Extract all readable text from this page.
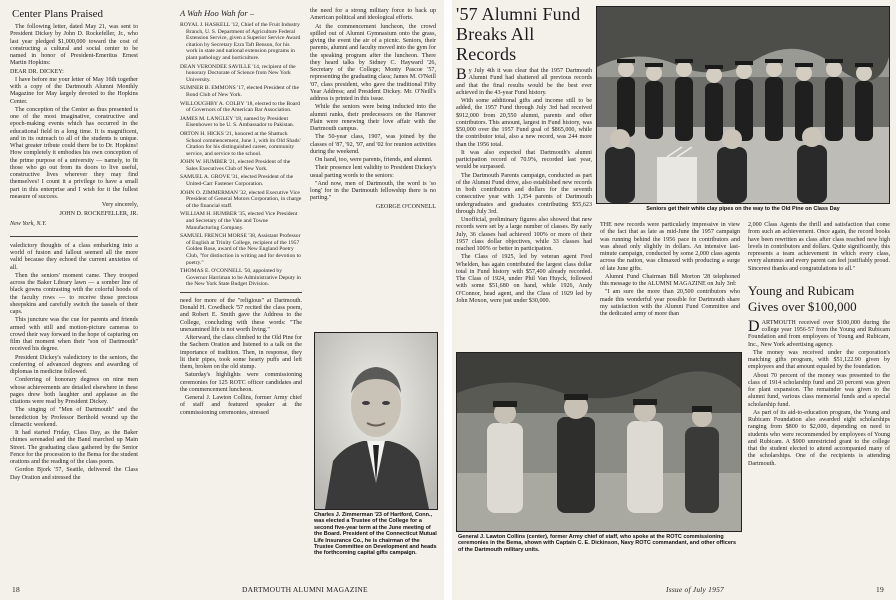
Center Plans Praised

The following letter, dated May 21, was sent to President Dickey by John D. Rockefeller, Jr., who last year pledged $1,000,000 toward the cost of constructing a cultural and social center to be named in honor of President-Emeritus Ernest Martin Hopkins:

DEAR DR. DICKEY:

I have before me your letter of May 16th together with a copy of the Dartmouth Alumni Monthly Magazine for May largely devoted to the Hopkins Center.

The conception of the Center as thus presented is one of the most imaginative, constructive and epoch-making events which has occurred in the educational field in a long time. It is magnificent, and in its outreach to all of the students is unique. What greater tribute could there be to Dr. Hopkins! How completely it embodies his own conception of the prime purpose of a university — namely, to fit those who go out from its doors to live useful, constructive lives wherever they may find themselves! I count it a privilege to have a small part in this enterprise and I wish for it the fullest measure of success.

Very sincerely,

JOHN D. ROCKEFELLER, JR.

New York, N.Y.

valedictory thoughts of a class embarking into a world of fusion and fallout seemed all the more valid because they echoed the current anxieties of all.

Then the seniors' moment came. They trooped across the Baker Library lawn — a somber line of black gowns contrasting with the colorful hoods of the faculty rows — to receive those precious sheepskins and carefully switch the tassels of their caps.

This juncture was the cue for parents and friends armed with still and motion-picture cameras to crowd their way forward in the hope of capturing on film that moment when their "son of Dartmouth" received his degree.

President Dickey's valedictory to the seniors, the conferring of advanced degrees and awarding of diplomas in medicine followed.

Conferring of honorary degrees on nine men whose achievements are detailed elsewhere in these pages drew both laughter and applause as the citations were read by President Dickey.

The singing of "Men of Dartmouth" and the benediction by Professor Berthold wound up the climactic weekend.

It had started Friday, Class Day, as the Baker chimes serenaded and the Band marched up Main Street. The graduating class gathered by the Senior Fence for the procession to the Bema for the student orations and the reading of the class poem.

Gordon Bjork '57, Seattle, delivered the Class Day Oration and stressed the

A Wah Hoo Wah for –

ROYAL J. HASKELL '12, Chief of the Fruit Industry Branch, U. S. Department of Agriculture Federal Extension Service, given a Superior Service Award citation by Secretary Ezra Taft Benson, for his work in state and national extension programs in plant pathology and horticulture.

DEAN VERONDEE SAVILLE '14, recipient of the honorary Doctorate of Science from New York University.

SUMNER B. EMMONS '17, elected President of the Bond Club of New York.

WILLOUGHBY A. COLBY '18, elected to the Board of Governors of the American Bar Association.

JAMES M. LANGLEY '18, named by President Eisenhower to be U. S. Ambassador to Pakistan.

ORTON H. HICKS '21, honored at the Shattuck School commencement, June 1, with its Old Shads' Citation for his distinguished career, community service, and service to the school.

JOHN W. HUMBER '21, elected President of the Sales Executives Club of New York.

SAMUEL A. GROVE '31, elected President of the United-Carr Fastener Corporation.

JOHN O. ZIMMERMAN '32, elected Executive Vice President of General Motors Corporation, in charge of the financial staff.

WILLIAM H. HUMBER '35, elected Vice President and Secretary of the Vale and Towne Manufacturing Company.

SAMUEL FRENCH MORSE '38, Assistant Professor of English at Trinity College, recipient of the 1957 Golden Rose, award of the New England Poetry Club, "for distinction in writing and for devotion to poetry."

THOMAS E. O'CONNELL '50, appointed by Governor Harriman to be Administrative Deputy in the New York State Budget Division.

need for more of the "religious" at Dartmouth. Donald H. Cowdheck '57 recited the class poem, and Robert E. Smith gave the Address to the College, concluding with these words: "The unexamined life is not worth living."

Afterward, the class climbed to the Old Pine for the Sachem Oration and listened to a talk on the importance of tradition. Then, in response, they lit their pipes, took some hearty puffs and left them, broken on the old stump.

Saturday's highlights were commissioning ceremonies for 125 ROTC officer candidates and the commencement luncheon.

General J. Lawton Collins, former Army chief of staff and featured speaker at the commissioning ceremonies, stressed

the need for a strong military force to back up American political and ideological efforts.

At the commencement luncheon, the crowd spilled out of Alumni Gymnasium onto the grass, giving the event the air of a picnic. Seniors, their parents, alumni and faculty moved into the gym for the speaking program after the luncheon. There they heard talks by Sidney C. Hayward '26, Secretary of the College; Monty Pascoe '57, representing the graduating class; James M. O'Neill '07, class president, who gave the traditional Fifty Year Address; and President Dickey. Mr. O'Neill's address is printed in this issue.

While the seniors were being inducted into the alumni ranks, their predecessors on the Hanover Plain were renewing their love affair with the Dartmouth campus.

The 50-year class, 1907, was joined by the classes of '87, '92, '97, and '02 for reunion activities during the weekend.

On hand, too, were parents, friends, and alumni.

Their presence lent validity to President Dickey's usual parting words to the seniors:

"And now, men of Dartmouth, the word is 'so long' for in the Dartmouth fellowship there is no parting."

GEORGE O'CONNELL

Charles J. Zimmerman '23 of Hartford, Conn., was elected a Trustee of the College for a second five-year term at the June meeting of the Board. President of the Connecticut Mutual Life Insurance Co., he is chairman of the Trustee Committee on Development and heads the forthcoming capital gifts campaign.
18	DARTMOUTH ALUMNI MAGAZINE
'57 Alumni Fund
Breaks All Records

By July 4th it was clear that the 1957 Dartmouth Alumni Fund had shattered all previous records and that the final results would be the best ever achieved in the 43-year Fund history.

With some additional gifts and income still to be added, the 1957 Fund through July 3rd had received $912,000 from 20,550 alumni, parents and other contributors. This amount, largest in Fund history, was $50,000 over the 1957 Fund goal of $865,000, while the contributor total, also a new record, was 244 more than the 1956 total.

It was also expected that Dartmouth's alumni participation record of 70.9%, recorded last year, would be surpassed.

The Dartmouth Parents campaign, conducted as part of the Alumni Fund drive, also established new records in both contributors and dollars for the seventh consecutive year with 1,354 parents of Dartmouth undergraduates and graduates contributing $55,623 through July 3rd.

Unofficial, preliminary figures also showed that new records were set by a large number of classes. By early July, 36 classes had achieved 100% or more of their 1957 class dollar objectives, while 33 classes had reached 100% or better in participation.

The Class of 1925, led by veteran agent Fred Whelden, has again contributed the largest class dollar total in Fund history with $57,400 already recorded. The Class of 1924, under Phil Van Huyck, followed with some $51,680 on hand, while 1926, Andy O'Connor, head agent, and the Class of 1929 led by John Moxon, were just under $30,000.

Seniors get their white clay pipes on the way to the Old Pine on Class Day

THE new records were particularly impressive in view of the fact that as late as mid-June the 1957 campaign was running behind the 1956 pace in contributors and was ahead only slightly in dollars. An intensive last-minute campaign, conducted by some 2,000 class agents across the nation, was climaxed with producing a surge of late June gifts.

Alumni Fund Chairman Bill Morton '28 telephoned this message to the ALUMNI MAGAZINE on July 3rd:

"I am sure the more than 20,500 contributors who made this wonderful year possible for Dartmouth share my satisfaction with the Alumni Fund Committee and the dedicated army of more than

2,000 Class Agents the thrill and satisfaction that come from such an achievement. Once again, the record books have been rewritten as class after class reached new high levels in contributors and dollars. Quite significantly, this represents a team achievement in which every class, every alumnus and every parent can feel justifiably proud. Sincerest thanks and congratulations to all."

Young and Rubicam
Gives over $100,000

DARTMOUTH received over $100,000 during the college year 1956-57 from the Young and Rubicam Foundation and from employees of Young and Rubicam, Inc., New York advertising agency.

The money was received under the corporation's matching gifts program, with $51,122.90 given by employees and that amount equaled by the foundation.

About 70 percent of the money was presented to the class of 1914 scholarship fund and 20 percent was given for plant expansion. The remainder was given to the alumni fund, various class memorial funds and a special scholarship fund.

As part of its aid-to-education program, the Young and Rubicam Foundation also awarded eight scholarships ranging from $800 to $2,000, depending on need to students who were recommended by employees of Young and Rubicam. A $900 unrestricted grant to the college that the student elected to attend accompanied many of the scholarships. One of the recipients is attending Dartmouth.

General J. Lawton Collins (center), former Army chief of staff, who spoke at the ROTC commissioning ceremonies in the Bema, shown with Captain C. E. Dickinson, Navy ROTC commandant, and other officers of the Dartmouth military units.
Issue of July 1957	19
